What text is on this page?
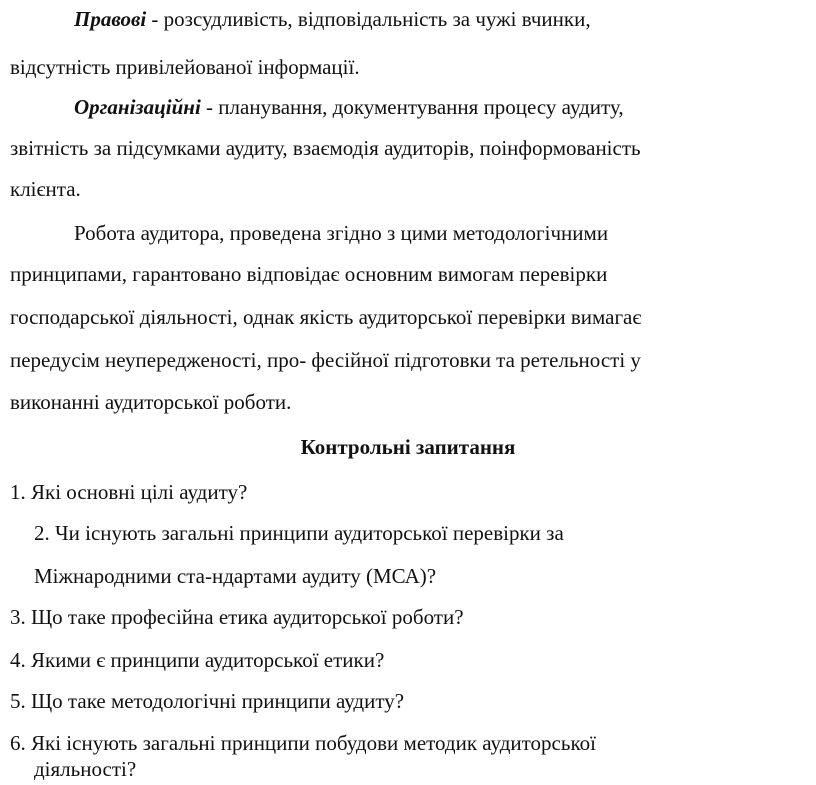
Правові - розсудливість, відповідальність за чужі вчинки,
відсутність привілейованої інформації.
Організаційні - планування, документування процесу аудиту,
звітність за підсумками аудиту, взаємодія аудиторів, поінформованість
клієнта.
Робота аудитора, проведена згідно з цими методологічними
принципами, гарантовано відповідає основним вимогам перевірки
господарської діяльності, однак якість аудиторської перевірки вимагає
передусім неупередженості, про- фесійної підготовки та ретельності у
виконанні аудиторської роботи.
Контрольні запитання
1. Які основні цілі аудиту?
2. Чи існують загальні принципи аудиторської перевірки за
Міжнародними ста-ндартами аудиту (МСА)?
3. Що таке професійна етика аудиторської роботи?
4. Якими є принципи аудиторської етики?
5. Що таке методологічні принципи аудиту?
6. Які існують загальні принципи побудови методик аудиторської
діяльності?
